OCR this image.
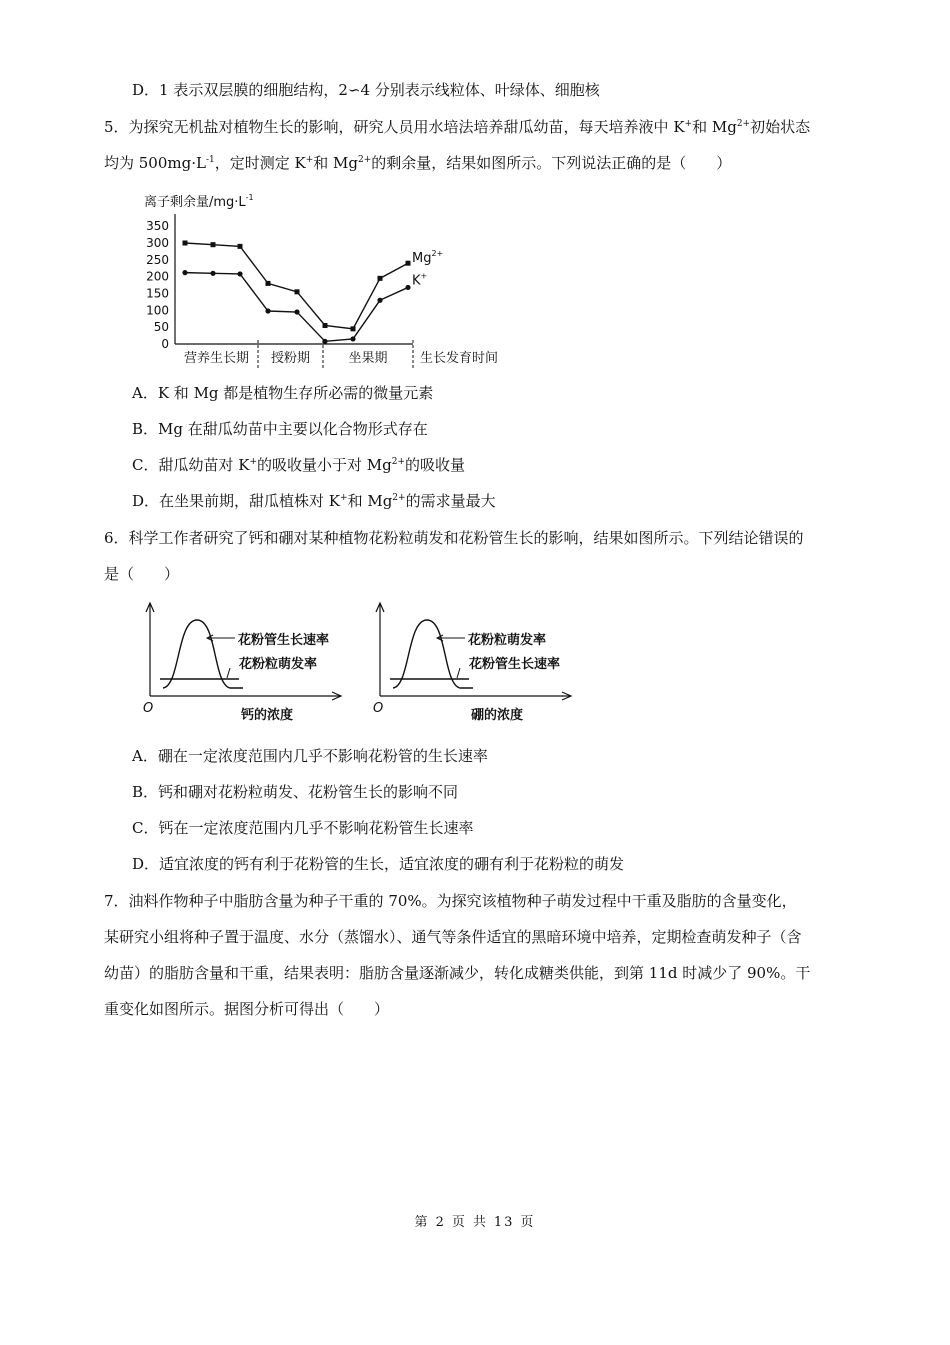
D．1 表示双层膜的细胞结构，2∽4 分别表示线粒体、叶绿体、细胞核
5．为探究无机盐对植物生长的影响，研究人员用水培法培养甜瓜幼苗，每天培养液中 K+和 $Mg^{2+}$初始状态
均为 $500mg\cdot L^{-1}$，定时测定 K+和 $Mg^{2+}$的剩余量，结果如图所示。下列说法正确的是（　　）
离子剩余量$/mg\cdot L^{-1}$
0
50
100
150
200
250
300
350
营养生长期 授粉期	坐果期
$Mg^{2+}$
K+
生长发育时间
A．K 和 Mg 都是植物生存所必需的微量元素
B．Mg 在甜瓜幼苗中主要以化合物形式存在
C．甜瓜幼苗对 K+的吸收量小于对 $Mg^{2+}$的吸收量
D．在坐果前期，甜瓜植株对 K+和 $Mg^{2+}$的需求量最大
6．科学工作者研究了钙和硼对某种植物花粉粒萌发和花粉管生长的影响，结果如图所示。下列结论错误的
是（　　）
O	钙的浓度
花粉管生长速率
花粉粒萌发率
O	硼的浓度
花粉粒萌发率
花粉管生长速率
A．硼在一定浓度范围内几乎不影响花粉管的生长速率
B．钙和硼对花粉粒萌发、花粉管生长的影响不同
C．钙在一定浓度范围内几乎不影响花粉管生长速率
D．适宜浓度的钙有利于花粉管的生长，适宜浓度的硼有利于花粉粒的萌发
7．油料作物种子中脂肪含量为种子干重的 70%。为探究该植物种子萌发过程中干重及脂肪的含量变化，
某研究小组将种子置于温度、水分（蒸馏水）、通气等条件适宜的黑暗环境中培养，定期检查萌发种子（含
幼苗）的脂肪含量和干重，结果表明：脂肪含量逐渐减少，转化成糖类供能，到第 11d 时减少了 90%。干
重变化如图所示。据图分析可得出（　　）
第 2 页 共 13 页
